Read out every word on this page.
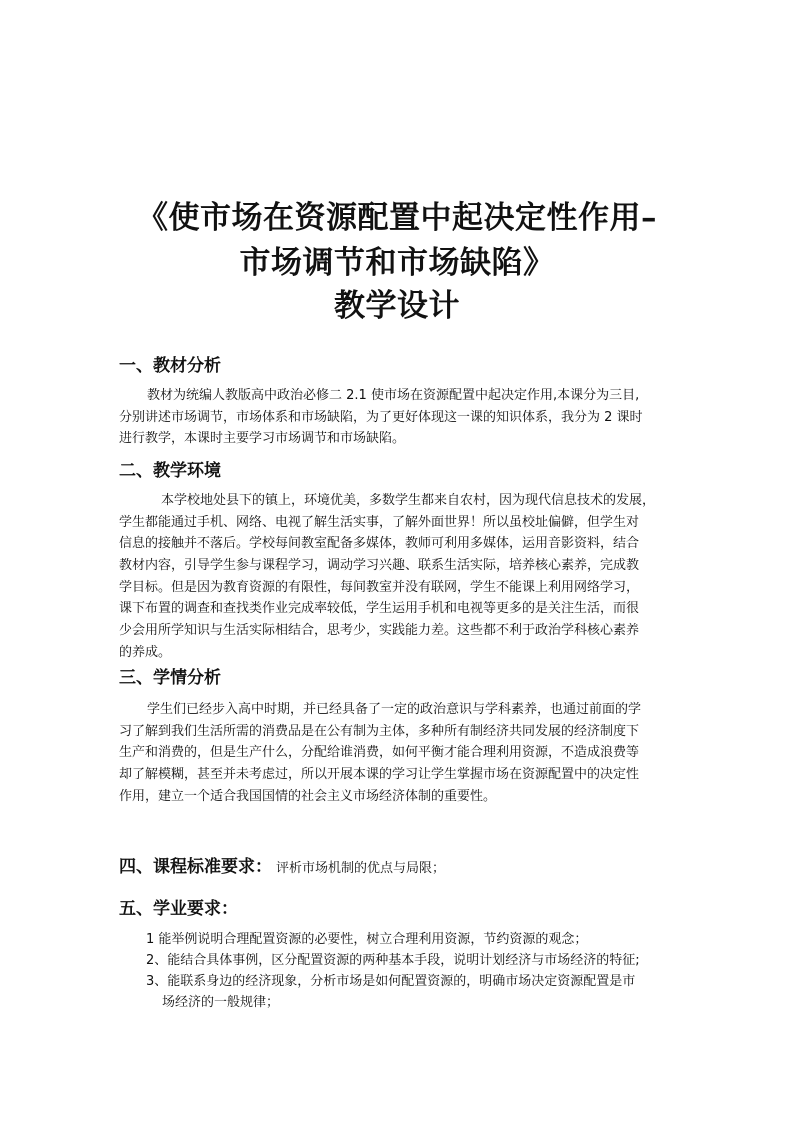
《使市场在资源配置中起决定性作用–
市场调节和市场缺陷》
教学设计
一、教材分析
教材为统编人教版高中政治必修二 2.1 使市场在资源配置中起决定作用,本课分为三目,
分别讲述市场调节，市场体系和市场缺陷，为了更好体现这一课的知识体系，我分为 2 课时
进行教学，本课时主要学习市场调节和市场缺陷。
二、教学环境
本学校地处县下的镇上，环境优美，多数学生都来自农村，因为现代信息技术的发展，
学生都能通过手机、网络、电视了解生活实事，了解外面世界！所以虽校址偏僻，但学生对
信息的接触并不落后。学校每间教室配备多媒体，教师可利用多媒体，运用音影资料，结合
教材内容，引导学生参与课程学习，调动学习兴趣、联系生活实际，培养核心素养，完成教
学目标。但是因为教育资源的有限性，每间教室并没有联网，学生不能课上利用网络学习，
课下布置的调查和查找类作业完成率较低，学生运用手机和电视等更多的是关注生活，而很
少会用所学知识与生活实际相结合，思考少，实践能力差。这些都不利于政治学科核心素养
的养成。
三、学情分析
学生们已经步入高中时期，并已经具备了一定的政治意识与学科素养，也通过前面的学
习了解到我们生活所需的消费品是在公有制为主体，多种所有制经济共同发展的经济制度下
生产和消费的，但是生产什么，分配给谁消费，如何平衡才能合理利用资源，不造成浪费等
却了解模糊，甚至并未考虑过，所以开展本课的学习让学生掌握市场在资源配置中的决定性
作用，建立一个适合我国国情的社会主义市场经济体制的重要性。
四、课程标准要求： 评析市场机制的优点与局限；
五、学业要求：
1 能举例说明合理配置资源的必要性，树立合理利用资源，节约资源的观念；
2、能结合具体事例，区分配置资源的两种基本手段，说明计划经济与市场经济的特征;
3、能联系身边的经济现象，分析市场是如何配置资源的，明确市场决定资源配置是市
场经济的一般规律；
